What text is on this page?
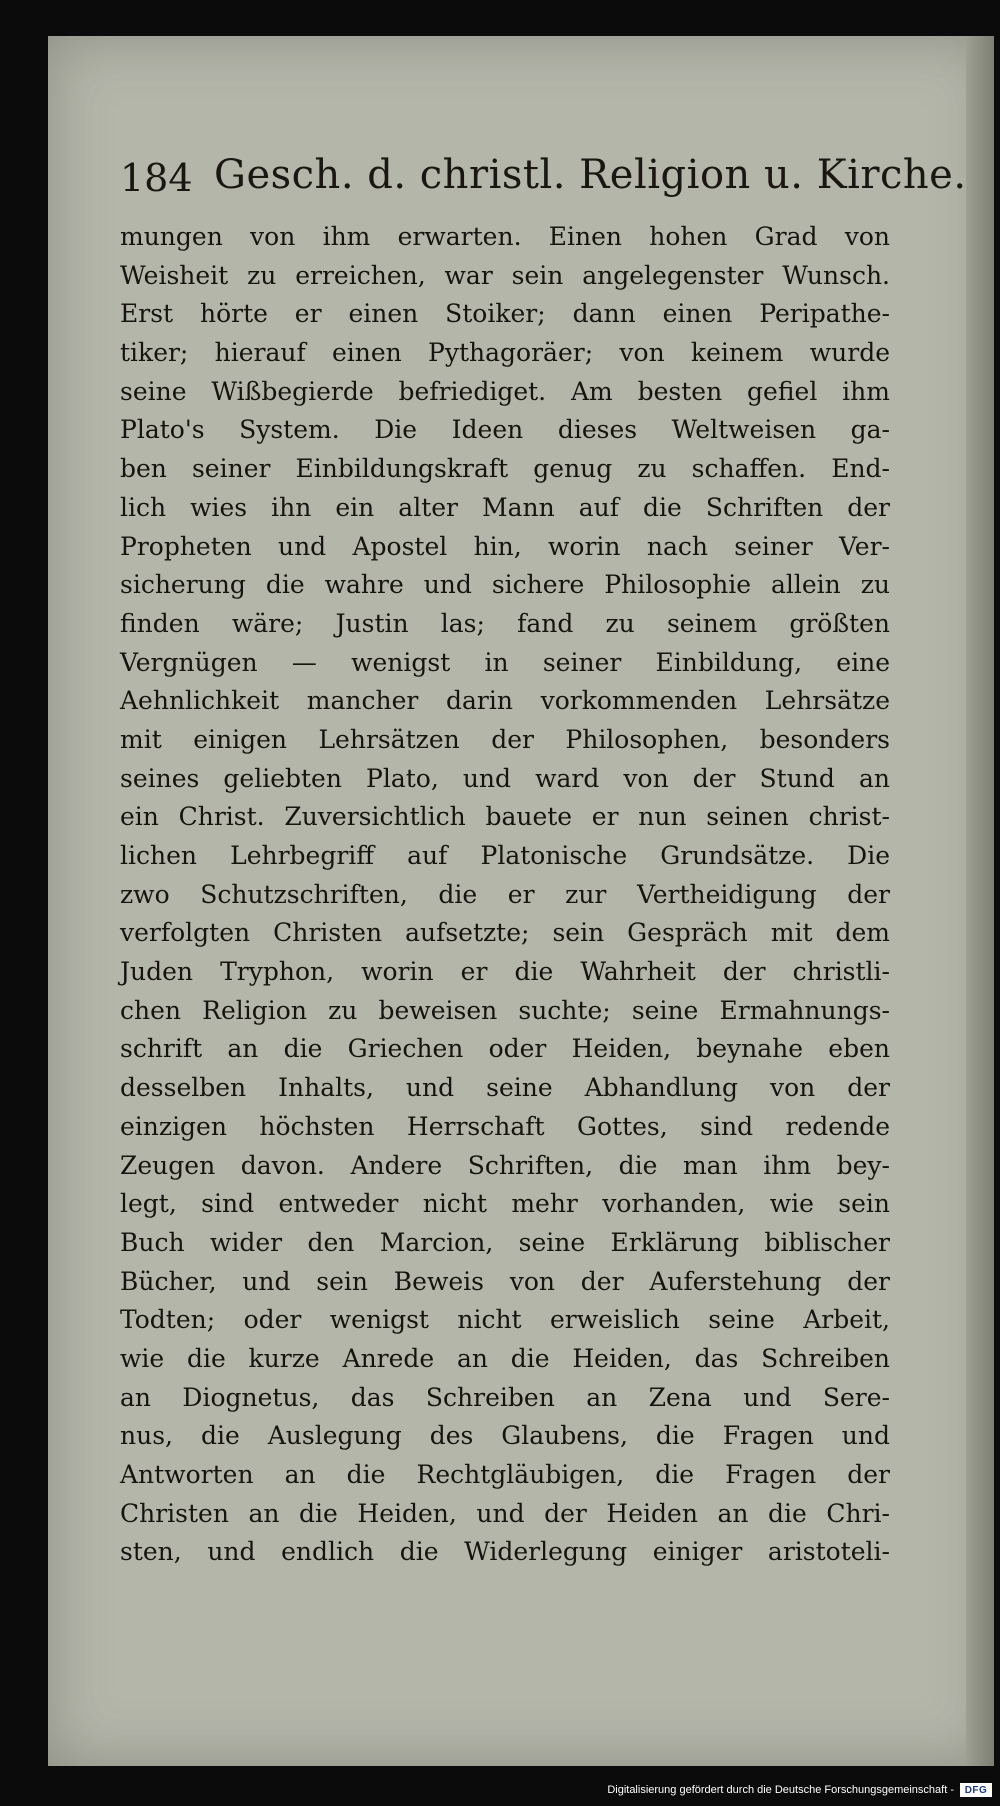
184 Gesch. d. christl. Religion u. Kirche.
mungen von ihm erwarten. Einen hohen Grad von
Weisheit zu erreichen, war sein angelegenster Wunsch.
Erst hörte er einen Stoiker; dann einen Peripathe-
tiker; hierauf einen Pythagoräer; von keinem wurde
seine Wißbegierde befriediget. Am besten gefiel ihm
Plato's System. Die Ideen dieses Weltweisen ga-
ben seiner Einbildungskraft genug zu schaffen. End-
lich wies ihn ein alter Mann auf die Schriften der
Propheten und Apostel hin, worin nach seiner Ver-
sicherung die wahre und sichere Philosophie allein zu
finden wäre; Justin las; fand zu seinem größten
Vergnügen — wenigst in seiner Einbildung, eine
Aehnlichkeit mancher darin vorkommenden Lehrsätze
mit einigen Lehrsätzen der Philosophen, besonders
seines geliebten Plato, und ward von der Stund an
ein Christ. Zuversichtlich bauete er nun seinen christ-
lichen Lehrbegriff auf Platonische Grundsätze. Die
zwo Schutzschriften, die er zur Vertheidigung der
verfolgten Christen aufsetzte; sein Gespräch mit dem
Juden Tryphon, worin er die Wahrheit der christli-
chen Religion zu beweisen suchte; seine Ermahnungs-
schrift an die Griechen oder Heiden, beynahe eben
desselben Inhalts, und seine Abhandlung von der
einzigen höchsten Herrschaft Gottes, sind redende
Zeugen davon. Andere Schriften, die man ihm bey-
legt, sind entweder nicht mehr vorhanden, wie sein
Buch wider den Marcion, seine Erklärung biblischer
Bücher, und sein Beweis von der Auferstehung der
Todten; oder wenigst nicht erweislich seine Arbeit,
wie die kurze Anrede an die Heiden, das Schreiben
an Diognetus, das Schreiben an Zena und Sere-
nus, die Auslegung des Glaubens, die Fragen und
Antworten an die Rechtgläubigen, die Fragen der
Christen an die Heiden, und der Heiden an die Chri-
sten, und endlich die Widerlegung einiger aristoteli-
Digitalisierung gefördert durch die Deutsche Forschungsgemeinschaft -	DFG
